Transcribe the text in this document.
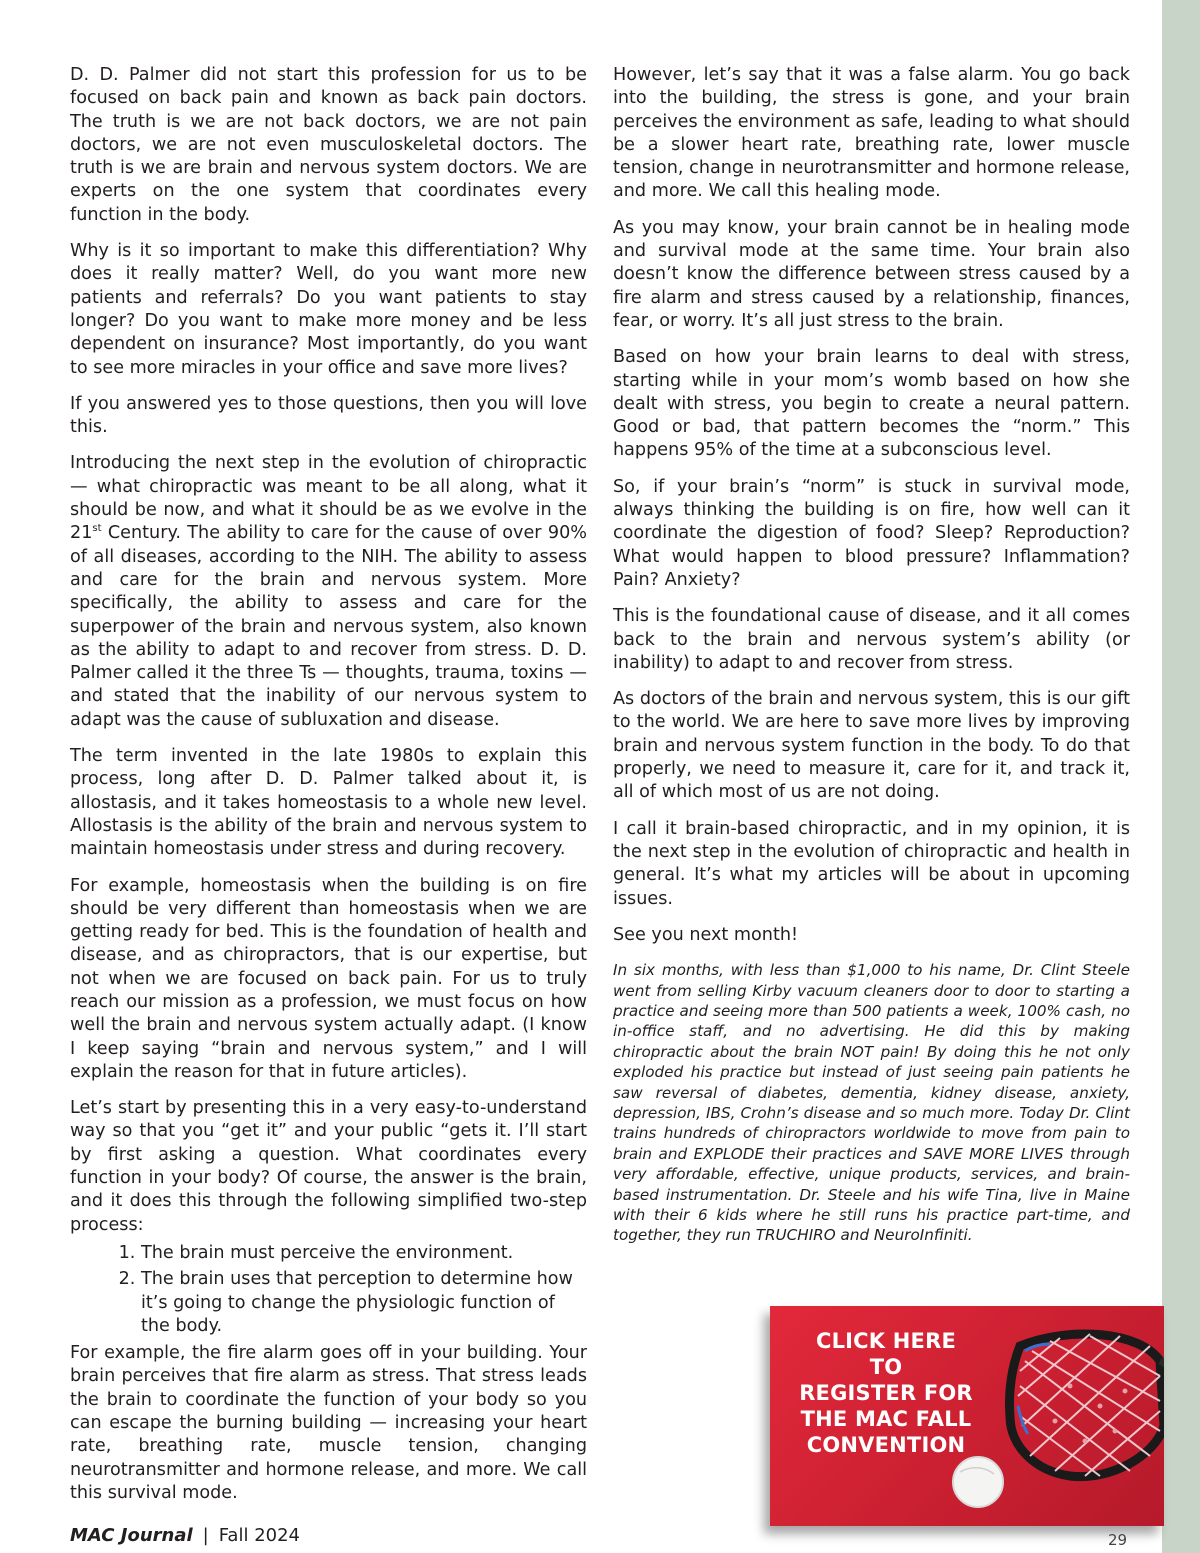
D. D. Palmer did not start this profession for us to be focused on back pain and known as back pain doctors. The truth is we are not back doctors, we are not pain doctors, we are not even musculoskeletal doctors. The truth is we are brain and nervous system doctors. We are experts on the one system that coordinates every function in the body.

Why is it so important to make this differentiation? Why does it really matter? Well, do you want more new patients and referrals? Do you want patients to stay longer? Do you want to make more money and be less dependent on insurance? Most importantly, do you want to see more miracles in your office and save more lives?

If you answered yes to those questions, then you will love this.

Introducing the next step in the evolution of chiropractic — what chiropractic was meant to be all along, what it should be now, and what it should be as we evolve in the 21st Century. The ability to care for the cause of over 90% of all diseases, according to the NIH. The ability to assess and care for the brain and nervous system. More specifically, the ability to assess and care for the superpower of the brain and nervous system, also known as the ability to adapt to and recover from stress. D. D. Palmer called it the three Ts — thoughts, trauma, toxins — and stated that the inability of our nervous system to adapt was the cause of subluxation and disease.

The term invented in the late 1980s to explain this process, long after D. D. Palmer talked about it, is allostasis, and it takes homeostasis to a whole new level. Allostasis is the ability of the brain and nervous system to maintain homeostasis under stress and during recovery.

For example, homeostasis when the building is on fire should be very different than homeostasis when we are getting ready for bed. This is the foundation of health and disease, and as chiropractors, that is our expertise, but not when we are focused on back pain. For us to truly reach our mission as a profession, we must focus on how well the brain and nervous system actually adapt. (I know I keep saying “brain and nervous system,” and I will explain the reason for that in future articles).

Let’s start by presenting this in a very easy-to-understand way so that you “get it” and your public “gets it. I’ll start by first asking a question. What coordinates every function in your body? Of course, the answer is the brain, and it does this through the following simplified two-step process:

1. The brain must perceive the environment.
2. The brain uses that perception to determine how it’s going to change the physiologic function of the body.

For example, the fire alarm goes off in your building. Your brain perceives that fire alarm as stress. That stress leads the brain to coordinate the function of your body so you can escape the burning building — increasing your heart rate, breathing rate, muscle tension, changing neurotransmitter and hormone release, and more. We call this survival mode.

However, let’s say that it was a false alarm. You go back into the building, the stress is gone, and your brain perceives the environment as safe, leading to what should be a slower heart rate, breathing rate, lower muscle tension, change in neurotransmitter and hormone release, and more. We call this healing mode.

As you may know, your brain cannot be in healing mode and survival mode at the same time. Your brain also doesn’t know the difference between stress caused by a fire alarm and stress caused by a relationship, finances, fear, or worry. It’s all just stress to the brain.

Based on how your brain learns to deal with stress, starting while in your mom’s womb based on how she dealt with stress, you begin to create a neural pattern. Good or bad, that pattern becomes the “norm.” This happens 95% of the time at a subconscious level.

So, if your brain’s “norm” is stuck in survival mode, always thinking the building is on fire, how well can it coordinate the digestion of food? Sleep? Reproduction? What would happen to blood pressure? Inflammation? Pain? Anxiety?

This is the foundational cause of disease, and it all comes back to the brain and nervous system’s ability (or inability) to adapt to and recover from stress.

As doctors of the brain and nervous system, this is our gift to the world. We are here to save more lives by improving brain and nervous system function in the body. To do that properly, we need to measure it, care for it, and track it, all of which most of us are not doing.

I call it brain-based chiropractic, and in my opinion, it is the next step in the evolution of chiropractic and health in general. It’s what my articles will be about in upcoming issues.

See you next month!

In six months, with less than $1,000 to his name, Dr. Clint Steele went from selling Kirby vacuum cleaners door to door to starting a practice and seeing more than 500 patients a week, 100% cash, no in-office staff, and no advertising. He did this by making chiropractic about the brain NOT pain! By doing this he not only exploded his practice but instead of just seeing pain patients he saw reversal of diabetes, dementia, kidney disease, anxiety, depression, IBS, Crohn’s disease and so much more. Today Dr. Clint trains hundreds of chiropractors worldwide to move from pain to brain and EXPLODE their practices and SAVE MORE LIVES through very affordable, effective, unique products, services, and brain-based instrumentation. Dr. Steele and his wife Tina, live in Maine with their 6 kids where he still runs his practice part-time, and together, they run TRUCHIRO and NeuroInfiniti.

CLICK HERE TO
REGISTER FOR
THE MAC FALL
CONVENTION
MAC Journal | Fall 2024	29
